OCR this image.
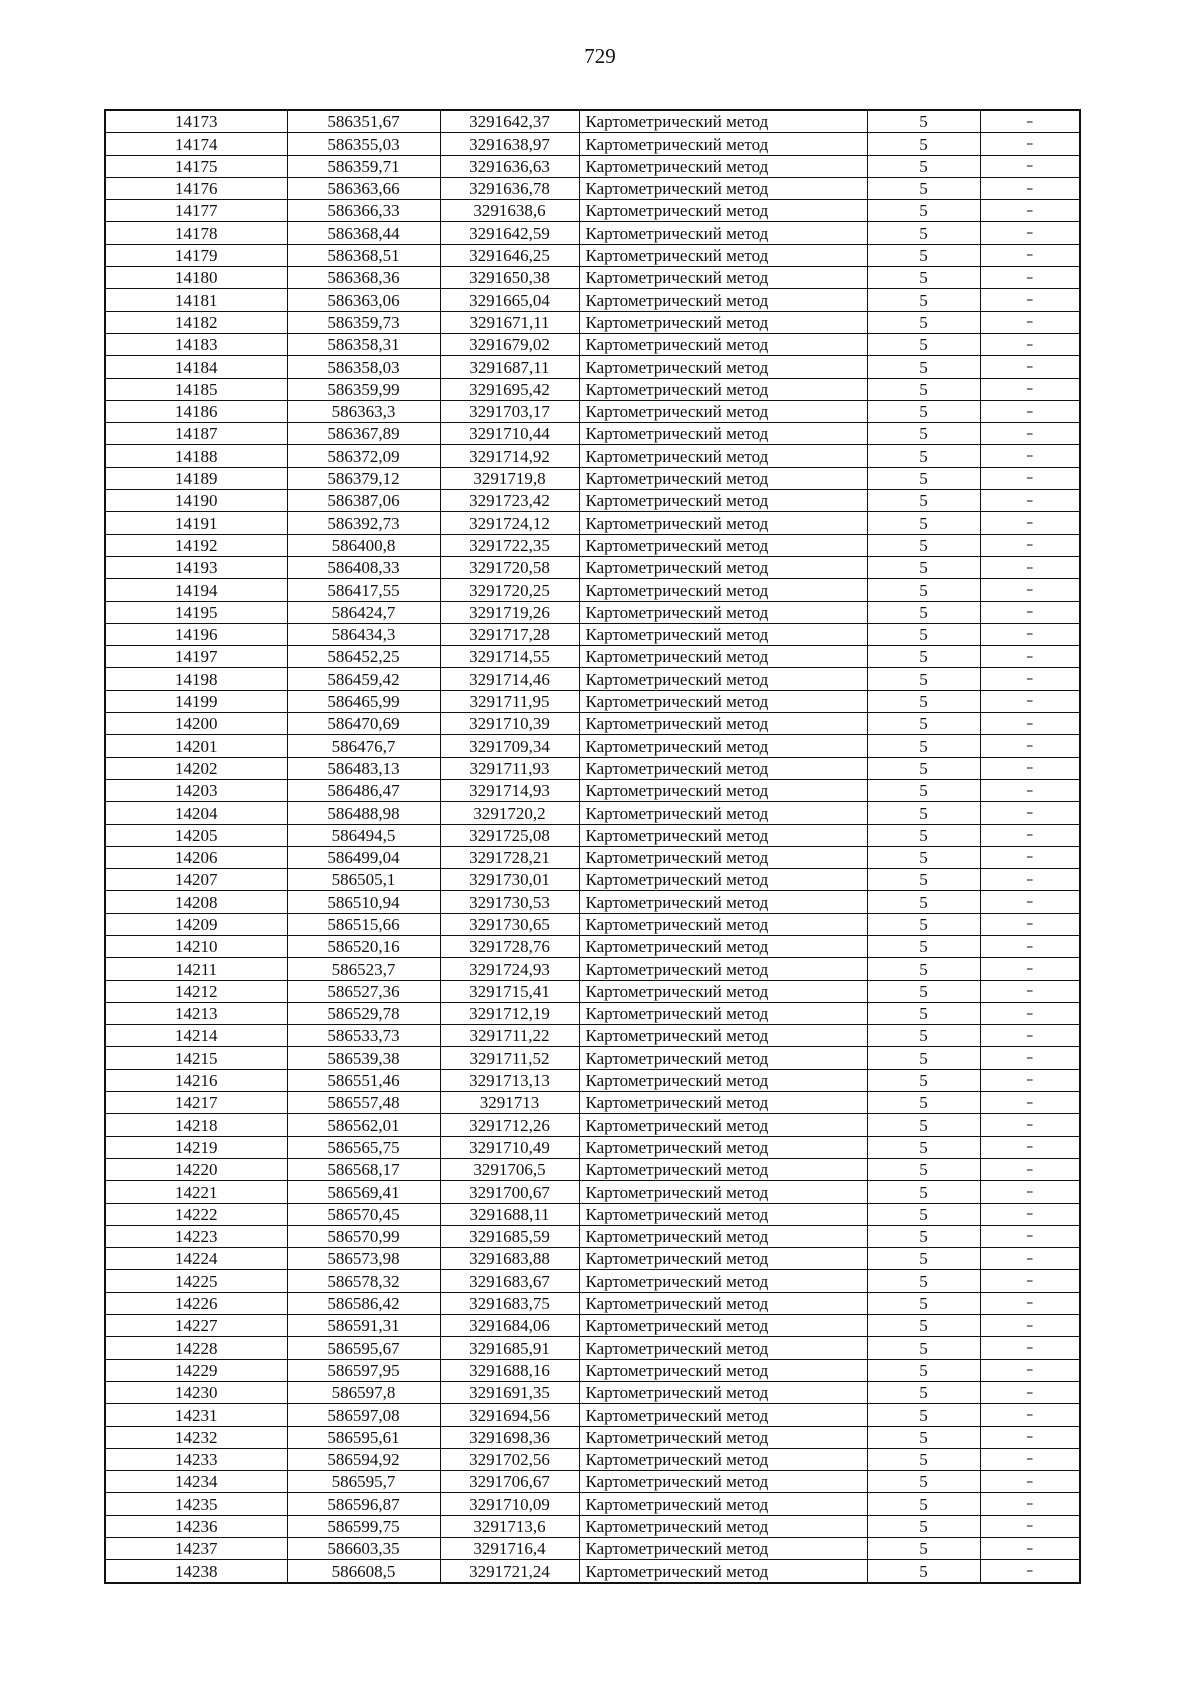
729
14173	586351,67	3291642,37	Картометрический метод	5	–
14174	586355,03	3291638,97	Картометрический метод	5	–
14175	586359,71	3291636,63	Картометрический метод	5	–
14176	586363,66	3291636,78	Картометрический метод	5	–
14177	586366,33	3291638,6	Картометрический метод	5	–
14178	586368,44	3291642,59	Картометрический метод	5	–
14179	586368,51	3291646,25	Картометрический метод	5	–
14180	586368,36	3291650,38	Картометрический метод	5	–
14181	586363,06	3291665,04	Картометрический метод	5	–
14182	586359,73	3291671,11	Картометрический метод	5	–
14183	586358,31	3291679,02	Картометрический метод	5	–
14184	586358,03	3291687,11	Картометрический метод	5	–
14185	586359,99	3291695,42	Картометрический метод	5	–
14186	586363,3	3291703,17	Картометрический метод	5	–
14187	586367,89	3291710,44	Картометрический метод	5	–
14188	586372,09	3291714,92	Картометрический метод	5	–
14189	586379,12	3291719,8	Картометрический метод	5	–
14190	586387,06	3291723,42	Картометрический метод	5	–
14191	586392,73	3291724,12	Картометрический метод	5	–
14192	586400,8	3291722,35	Картометрический метод	5	–
14193	586408,33	3291720,58	Картометрический метод	5	–
14194	586417,55	3291720,25	Картометрический метод	5	–
14195	586424,7	3291719,26	Картометрический метод	5	–
14196	586434,3	3291717,28	Картометрический метод	5	–
14197	586452,25	3291714,55	Картометрический метод	5	–
14198	586459,42	3291714,46	Картометрический метод	5	–
14199	586465,99	3291711,95	Картометрический метод	5	–
14200	586470,69	3291710,39	Картометрический метод	5	–
14201	586476,7	3291709,34	Картометрический метод	5	–
14202	586483,13	3291711,93	Картометрический метод	5	–
14203	586486,47	3291714,93	Картометрический метод	5	–
14204	586488,98	3291720,2	Картометрический метод	5	–
14205	586494,5	3291725,08	Картометрический метод	5	–
14206	586499,04	3291728,21	Картометрический метод	5	–
14207	586505,1	3291730,01	Картометрический метод	5	–
14208	586510,94	3291730,53	Картометрический метод	5	–
14209	586515,66	3291730,65	Картометрический метод	5	–
14210	586520,16	3291728,76	Картометрический метод	5	–
14211	586523,7	3291724,93	Картометрический метод	5	–
14212	586527,36	3291715,41	Картометрический метод	5	–
14213	586529,78	3291712,19	Картометрический метод	5	–
14214	586533,73	3291711,22	Картометрический метод	5	–
14215	586539,38	3291711,52	Картометрический метод	5	–
14216	586551,46	3291713,13	Картометрический метод	5	–
14217	586557,48	3291713	Картометрический метод	5	–
14218	586562,01	3291712,26	Картометрический метод	5	–
14219	586565,75	3291710,49	Картометрический метод	5	–
14220	586568,17	3291706,5	Картометрический метод	5	–
14221	586569,41	3291700,67	Картометрический метод	5	–
14222	586570,45	3291688,11	Картометрический метод	5	–
14223	586570,99	3291685,59	Картометрический метод	5	–
14224	586573,98	3291683,88	Картометрический метод	5	–
14225	586578,32	3291683,67	Картометрический метод	5	–
14226	586586,42	3291683,75	Картометрический метод	5	–
14227	586591,31	3291684,06	Картометрический метод	5	–
14228	586595,67	3291685,91	Картометрический метод	5	–
14229	586597,95	3291688,16	Картометрический метод	5	–
14230	586597,8	3291691,35	Картометрический метод	5	–
14231	586597,08	3291694,56	Картометрический метод	5	–
14232	586595,61	3291698,36	Картометрический метод	5	–
14233	586594,92	3291702,56	Картометрический метод	5	–
14234	586595,7	3291706,67	Картометрический метод	5	–
14235	586596,87	3291710,09	Картометрический метод	5	–
14236	586599,75	3291713,6	Картометрический метод	5	–
14237	586603,35	3291716,4	Картометрический метод	5	–
14238	586608,5	3291721,24	Картометрический метод	5	–
